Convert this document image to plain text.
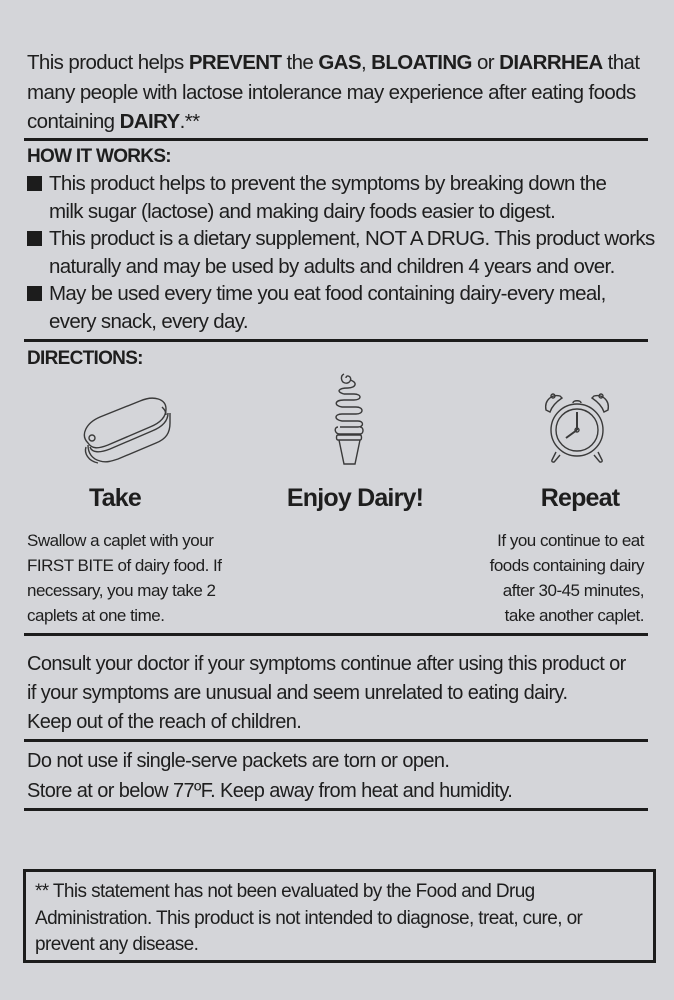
This product helps PREVENT the GAS, BLOATING or DIARRHEA that many people with lactose intolerance may experience after eating foods containing DAIRY.**
HOW IT WORKS:
This product helps to prevent the symptoms by breaking down the
milk sugar (lactose) and making dairy foods easier to digest.
This product is a dietary supplement, NOT A DRUG. This product works
naturally and may be used by adults and children 4 years and over.
May be used every time you eat food containing dairy-every meal,
every snack, every day.
DIRECTIONS:
Take	Enjoy Dairy!	Repeat
Swallow a caplet with your
FIRST BITE of dairy food. If
necessary, you may take 2
caplets at one time.
If you continue to eat
foods containing dairy
after 30-45 minutes,
take another caplet.
Consult your doctor if your symptoms continue after using this product or
if your symptoms are unusual and seem unrelated to eating dairy.
Keep out of the reach of children.
Do not use if single-serve packets are torn or open.
Store at or below 77ºF. Keep away from heat and humidity.
** This statement has not been evaluated by the Food and Drug
Administration. This product is not intended to diagnose, treat, cure, or
prevent any disease.
